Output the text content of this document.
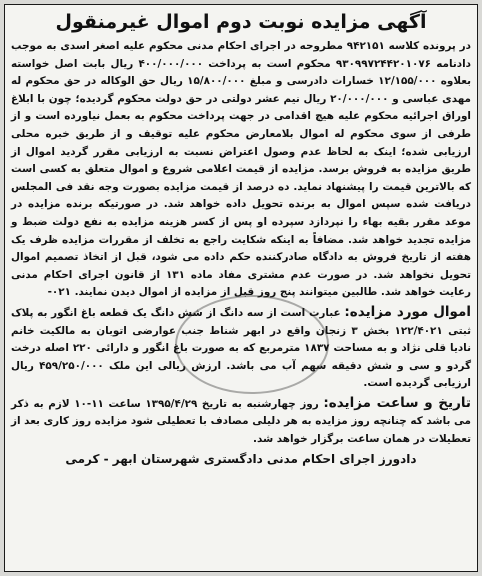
آگهی مزایده نوبت دوم اموال غیرمنقول

در پرونده کلاسه ۹۴۲۱۵۱ مطروحه در اجرای احکام مدنی محکوم علیه اصغر اسدی به موجب دادنامه ۹۳۰۹۹۷۲۴۴۲۰۱۰۷۶ محکوم است به پرداخت ۴۰۰/۰۰۰/۰۰۰ ریال بابت اصل خواسته بعلاوه ۱۲/۱۵۵/۰۰۰ خسارات دادرسی و مبلغ ۱۵/۸۰۰/۰۰۰ ریال حق الوکاله در حق محکوم له مهدی عباسی و ۲۰/۰۰۰/۰۰۰ ریال نیم عشر دولتی در حق دولت محکوم گردیده؛ چون با ابلاغ اوراق اجرائیه محکوم علیه هیچ اقدامی در جهت پرداخت محکوم به بعمل نیاورده است و از طرفی از سوی محکوم له اموال بلامعارض محکوم علیه توقیف و از طریق خبره محلی ارزیابی شده؛ اینک به لحاظ عدم وصول اعتراض نسبت به ارزیابی مقرر گردید اموال از طریق مزایده به فروش برسد. مزایده از قیمت اعلامی شروع و اموال متعلق به کسی است که بالاترین قیمت را پیشنهاد نماید. ده درصد از قیمت مزایده بصورت وجه نقد فی المجلس دریافت شده سپس اموال به برنده تحویل داده خواهد شد. در صورتیکه برنده مزایده در موعد مقرر بقیه بهاء را نپردازد سپرده او پس از کسر هزینه مزایده به نفع دولت ضبط و مزایده تجدید خواهد شد. مضافاً به اینکه شکایت راجع به تخلف از مقررات مزایده ظرف یک هفته از تاریخ فروش به دادگاه صادرکننده حکم داده می شود، قبل از اتخاذ تصمیم اموال تحویل نخواهد شد. در صورت عدم مشتری مفاد ماده ۱۳۱ از قانون اجرای احکام مدنی رعایت خواهد شد. طالبین میتوانند پنج روز قبل از مزایده از اموال دیدن نمایند. ۰۲۱-

اموال مورد مزایده: عبارت است از سه دانگ از شش دانگ یک قطعه باغ انگور به پلاک ثبتی ۱۲۲/۴۰۲۱ بخش ۳ زنجان واقع در ابهر شناط جنب عوارضی اتوبان به مالکیت خانم نادیا قلی نژاد و به مساحت ۱۸۳۷ مترمربع که به صورت باغ انگور و دارائی ۲۲۰ اصله درخت گردو و سی و شش دقیقه سهم آب می باشد. ارزش ریالی این ملک ۴۵۹/۲۵۰/۰۰۰ ریال ارزیابی گردیده است.

تاریخ و ساعت مزایده: روز چهارشنبه به تاریخ ۱۳۹۵/۴/۲۹ ساعت ۱۱-۱۰ لازم به ذکر می باشد که چنانچه روز مزایده به هر دلیلی مصادف با تعطیلی شود مزایده روز کاری بعد از تعطیلات در همان ساعت برگزار خواهد شد.

دادورز اجرای احکام مدنی دادگستری شهرستان ابهر - کرمی
